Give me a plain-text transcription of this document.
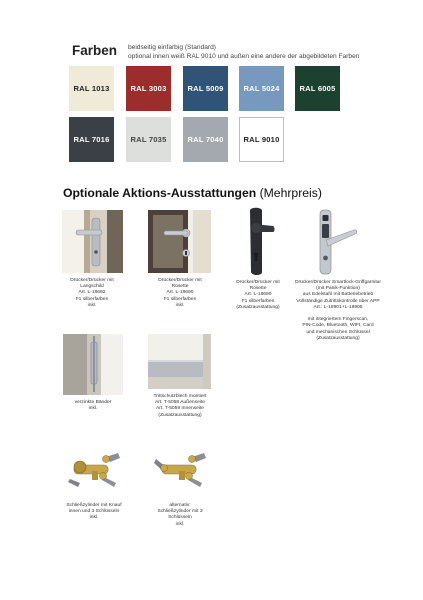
Farben beidseitig einfarbig (Standard)
optional innen weiß RAL 9010 und außen eine andere der abgebildeten Farben
RAL 1013	RAL 3003	RAL 5009	RAL 5024	RAL 6005
RAL 7016	RAL 7035	RAL 7040	RAL 9010
Optionale Aktions-Ausstattungen (Mehrpreis)
Drücker/Drücker mit
Langschild
Art. L-18692
F1 silberfarben
inkl.
Drücker/Drücker mit
Rosette
Art. L-18690
F1 silberfarben
inkl.
Drücker/Drücker mit
Rosette
Art. L-18690
F1 silberfarben
(Zusatzausstattung)
Drücker/Drücker Smartlock-Griffgarnitur
(mit Panik-Funktion)
aus Edelstahl mit Batteriebetrieb
Vollständige Zutrittskontrolle über APP
Art.: L-18901+L-18905

mit integriertem Fingerscan,
PIN-Code, Bluetooth, WIFI, Card
und mechanischen Schlüssel
(Zusatzausstattung)
verzinkte Bänder
inkl.
Trittschutzblech montiert
Art. T-5058 Außenseite
Art. T-5059 Innenseite
(Zusatzausstattung)
Schließzylinder mit Knauf
innen und 3 Schlüsseln
inkl.
alternativ:
Schließzylinder mit 3
Schlüsseln
inkl.
